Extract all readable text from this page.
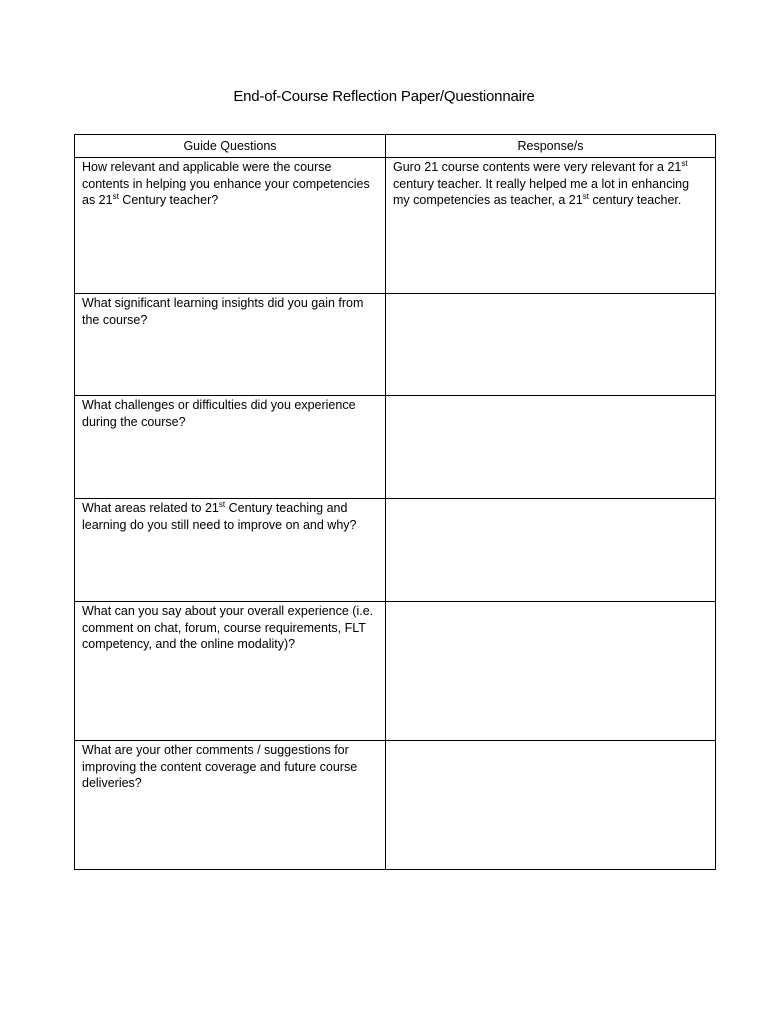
End-of-Course Reflection Paper/Questionnaire
Guide Questions	Response/s

How relevant and applicable were the course contents in helping you enhance your competencies as 21st Century teacher?	Guro 21 course contents were very relevant for a 21st century teacher. It really helped me a lot in enhancing my competencies as teacher, a 21st century teacher.

What significant learning insights did you gain from the course?	

What challenges or difficulties did you experience during the course?	

What areas related to 21st Century teaching and learning do you still need to improve on and why?	

What can you say about your overall experience (i.e. comment on chat, forum, course requirements, FLT competency, and the online modality)?	

What are your other comments / suggestions for improving the content coverage and future course deliveries?	
